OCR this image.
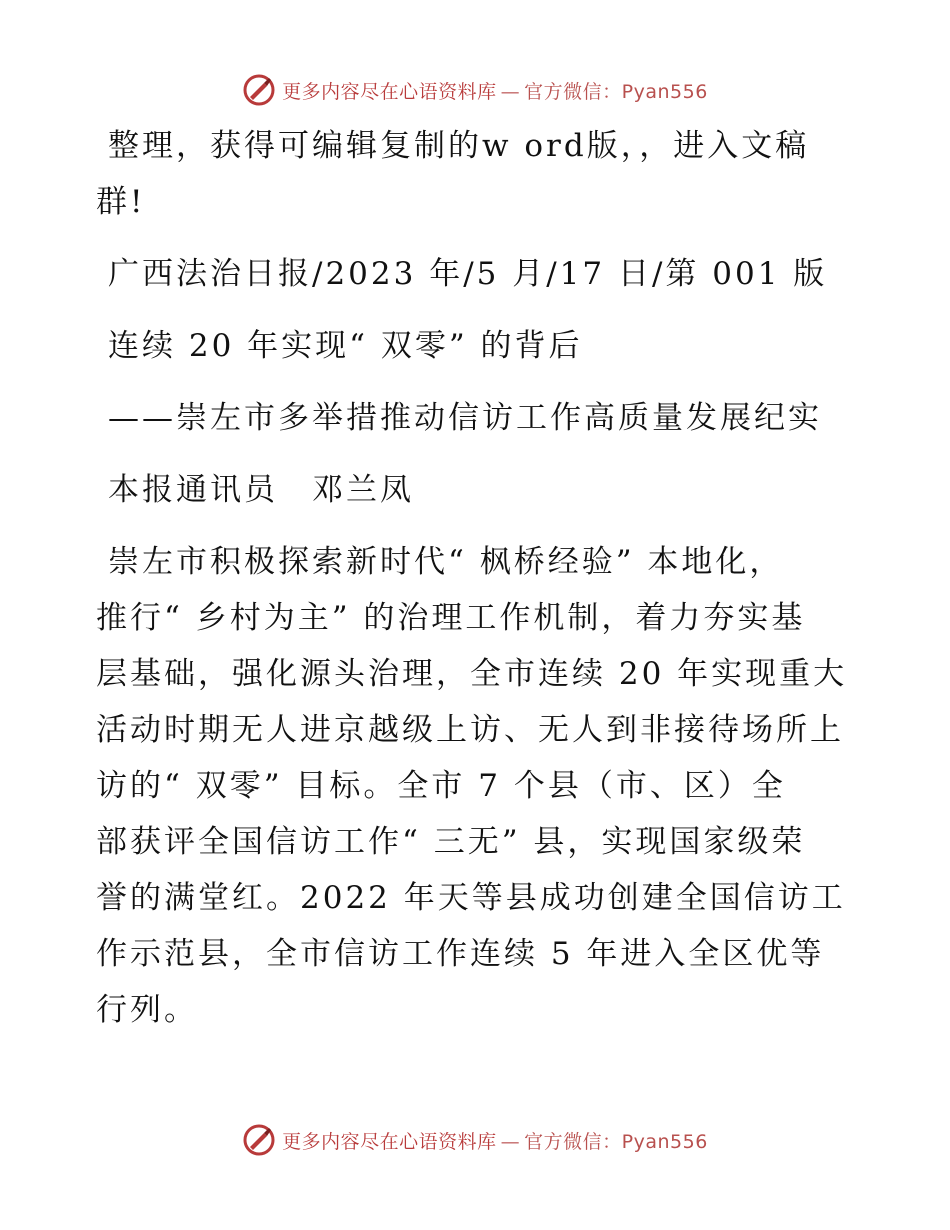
更多内容尽在心语资料库 — 官方微信：Pyan556

整理，获得可编辑复制的w ord版，，进入文稿

群!

广西法治日报/2023 年/5 月/17 日/第 001 版

连续 20 年实现“ 双零” 的背后

——崇左市多举措推动信访工作高质量发展纪实

本报通讯员　邓兰凤

崇左市积极探索新时代“ 枫桥经验” 本地化，

推行“ 乡村为主” 的治理工作机制，着力夯实基

层基础，强化源头治理，全市连续 20 年实现重大

活动时期无人进京越级上访、无人到非接待场所上

访的“ 双零” 目标。全市 7 个县（市、区）全

部获评全国信访工作“ 三无” 县，实现国家级荣

誉的满堂红。2022 年天等县成功创建全国信访工

作示范县，全市信访工作连续 5 年进入全区优等

行列。

更多内容尽在心语资料库 — 官方微信：Pyan556
